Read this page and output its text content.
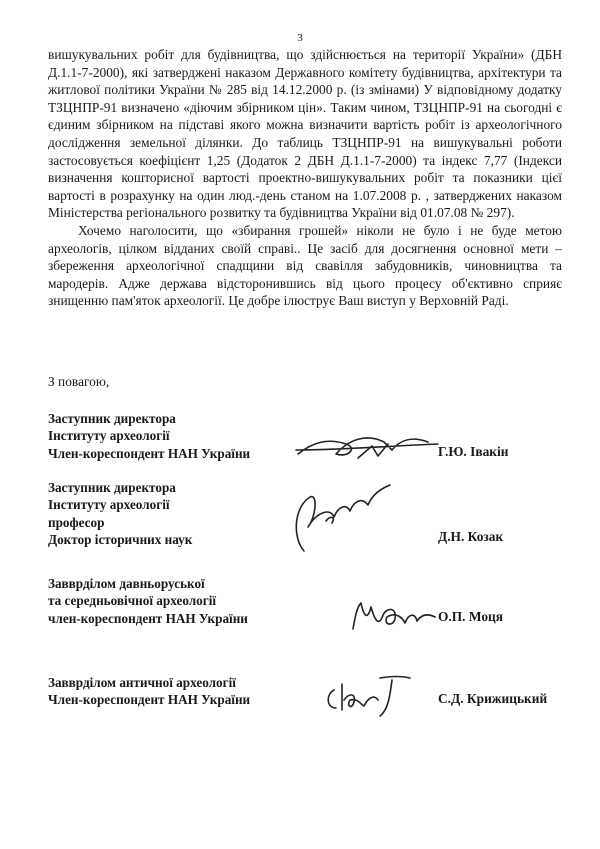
3

вишукувальних робіт для будівництва, що здійснюється на території України» (ДБН Д.1.1-7-2000), які затверджені наказом Державного комітету будівництва, архітектури та житлової політики України № 285 від 14.12.2000 р. (із змінами) У відповідному додатку ТЗЦНПР-91 визначено «діючим збірником цін». Таким чином, ТЗЦНПР-91 на сьогодні є єдиним збірником на підставі якого можна визначити вартість робіт із археологічного дослідження земельної ділянки. До таблиць ТЗЦНПР-91 на вишукувальні роботи застосовується коефіцієнт 1,25 (Додаток 2 ДБН Д.1.1-7-2000) та індекс 7,77 (Індекси визначення кошторисної вартості проектно-вишукувальних робіт та показники цієї вартості в розрахунку на один люд.-день станом на 1.07.2008 р. , затверджених наказом Міністерства регіонального розвитку та будівництва України від 01.07.08 № 297).

Хочемо наголосити, що «збирання грошей» ніколи не було і не буде метою археологів, цілком відданих своїй справі.. Це засіб для досягнення основної мети – збереження археологічної спадщини від свавілля забудовників, чиновництва та мародерів. Адже держава відсторонившись від цього процесу об'єктивно сприяє знищенню пам'яток археології. Це добре ілюструє Ваш виступ у Верховній Раді.

З повагою,
Заступник директора
Інституту археології
Член-кореспондент НАН України	Г.Ю. Івакін
Заступник директора
Інституту археології
професор
Доктор історичних наук	Д.Н. Козак
Завврділом давньоруської
та середньовічної археології
член-кореспондент НАН України	О.П. Моця
Завврділом античної археології
Член-кореспондент НАН України	С.Д. Крижицький
